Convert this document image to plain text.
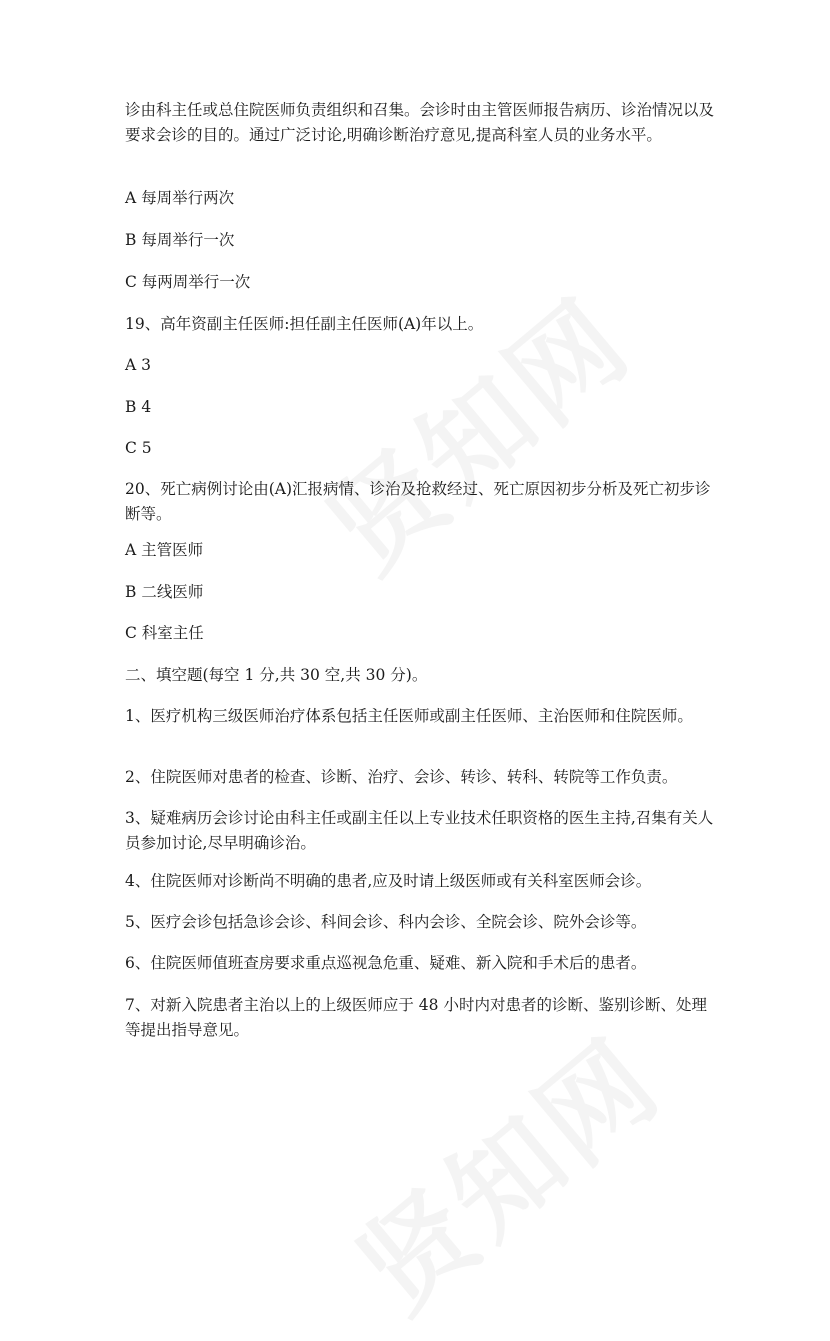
诊由科主任或总住院医师负责组织和召集。会诊时由主管医师报告病历、诊治情况以及要求会诊的目的。通过广泛讨论,明确诊断治疗意见,提高科室人员的业务水平。

A 每周举行两次

B 每周举行一次

C 每两周举行一次

19、高年资副主任医师:担任副主任医师(A)年以上。

A 3

B 4

C 5

20、死亡病例讨论由(A)汇报病情、诊治及抢救经过、死亡原因初步分析及死亡初步诊断等。

A 主管医师

B 二线医师

C 科室主任

二、填空题(每空 1 分,共 30 空,共 30 分)。

1、医疗机构三级医师治疗体系包括主任医师或副主任医师、主治医师和住院医师。

2、住院医师对患者的检查、诊断、治疗、会诊、转诊、转科、转院等工作负责。

3、疑难病历会诊讨论由科主任或副主任以上专业技术任职资格的医生主持,召集有关人员参加讨论,尽早明确诊治。

4、住院医师对诊断尚不明确的患者,应及时请上级医师或有关科室医师会诊。

5、医疗会诊包括急诊会诊、科间会诊、科内会诊、全院会诊、院外会诊等。

6、住院医师值班查房要求重点巡视急危重、疑难、新入院和手术后的患者。

7、对新入院患者主治以上的上级医师应于 48 小时内对患者的诊断、鉴别诊断、处理等提出指导意见。
